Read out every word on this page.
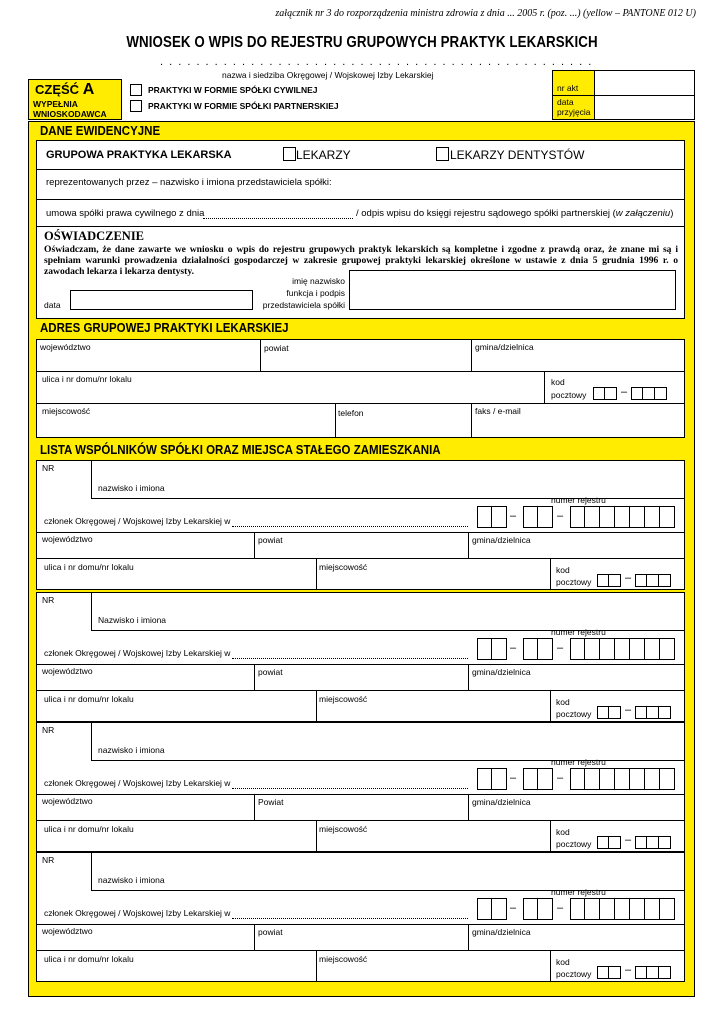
załącznik nr 3 do rozporządzenia ministra zdrowia z dnia ... 2005 r. (poz. ...) (yellow – PANTONE 012 U)
WNIOSEK O WPIS DO REJESTRU GRUPOWYCH PRAKTYK LEKARSKICH
. . . . . . . . . . . . . . . . . . . . . . . . . . . . . . . . . . . . . . . . . . . . . . . .
nazwa i siedziba Okręgowej / Wojskowej Izby Lekarskiej
CZĘŚĆ A
WYPEŁNIA
WNIOSKODAWCA
PRAKTYKI W FORMIE SPÓŁKI CYWILNEJ
PRAKTYKI W FORMIE SPÓŁKI PARTNERSKIEJ
nr akt
data
przyjęcia
DANE EWIDENCYJNE
GRUPOWA PRAKTYKA LEKARSKA	LEKARZY	LEKARZY DENTYSTÓW
reprezentowanych przez – nazwisko i imiona przedstawiciela spółki:
umowa spółki prawa cywilnego z dnia	/ odpis wpisu do księgi rejestru sądowego spółki partnerskiej (w załączeniu)
OŚWIADCZENIE
Oświadczam, że dane zawarte we wniosku o wpis do rejestru grupowych praktyk lekarskich są kompletne i zgodne z prawdą oraz, że znane mi są i spełniam warunki prowadzenia działalności gospodarczej w zakresie grupowej praktyki lekarskiej określone w ustawie z dnia 5 grudnia 1996 r. o zawodach lekarza i lekarza dentysty.
data
imię nazwisko
funkcja i podpis
przedstawiciela spółki
ADRES GRUPOWEJ PRAKTYKI LEKARSKIEJ
województwo	powiat	gmina/dzielnica
ulica i nr domu/nr lokalu	kod
pocztowy	–
miejscowość	telefon	faks / e-mail
LISTA WSPÓLNIKÓW SPÓŁKI ORAZ MIEJSCA STAŁEGO ZAMIESZKANIA
NR
nazwisko i imiona
numer rejestru
członek Okręgowej / Wojskowej Izby Lekarskiej w	–	–
województwo	powiat	gmina/dzielnica
ulica i nr domu/nr lokalu	miejscowość	kod
pocztowy	–
NR
Nazwisko i imiona
numer rejestru
członek Okręgowej / Wojskowej Izby Lekarskiej w	–	–
województwo	powiat	gmina/dzielnica
ulica i nr domu/nr lokalu	miejscowość	kod
pocztowy	–
NR
nazwisko i imiona
numer rejestru
członek Okręgowej / Wojskowej Izby Lekarskiej w	–	–
województwo	Powiat	gmina/dzielnica
ulica i nr domu/nr lokalu	miejscowość	kod
pocztowy	–
NR
nazwisko i imiona
numer rejestru
członek Okręgowej / Wojskowej Izby Lekarskiej w	–	–
województwo	powiat	gmina/dzielnica
ulica i nr domu/nr lokalu	miejscowość	kod
pocztowy	–
